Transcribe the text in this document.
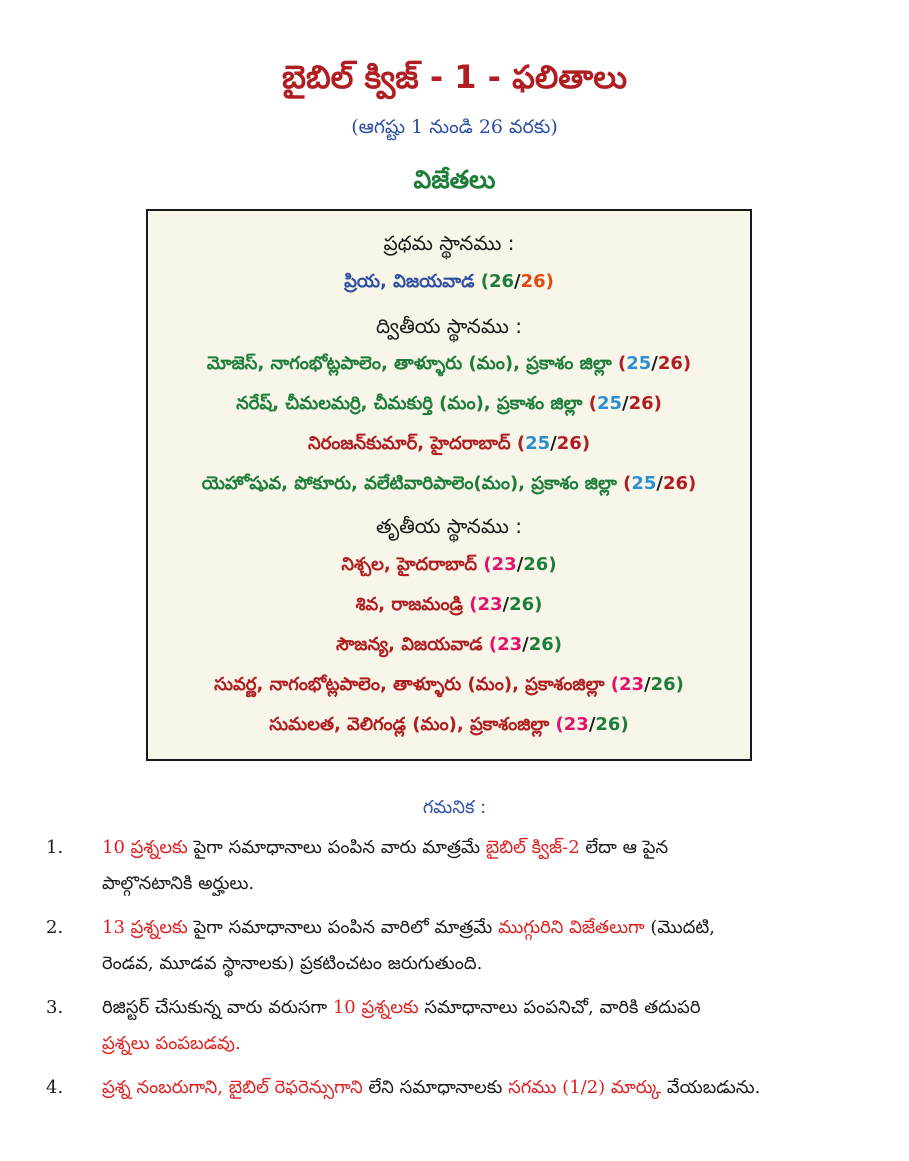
బైబిల్ క్విజ్ - 1 - ఫలితాలు
(ఆగష్టు 1 నుండి 26 వరకు)
విజేతలు
ప్రథమ స్థానము :
ప్రియ, విజయవాడ (26/26)
ద్వితీయ స్థానము :
మోజెస్, నాగంభోట్లపాలెం, తాళ్ళూరు (మం), ప్రకాశం జిల్లా (25/26)
నరేష్, చీమలమర్రి, చీమకుర్తి (మం), ప్రకాశం జిల్లా (25/26)
నిరంజన్‌కుమార్, హైదరాబాద్ (25/26)
యెహోషువ, పోకూరు, వలేటివారిపాలెం(మం), ప్రకాశం జిల్లా (25/26)
తృతీయ స్థానము :
నిశ్చల, హైదరాబాద్ (23/26)
శివ, రాజమండ్రి (23/26)
సౌజన్య, విజయవాడ (23/26)
సువర్ణ, నాగంభోట్లపాలెం, తాళ్ళూరు (మం), ప్రకాశంజిల్లా (23/26)
సుమలత, వెలిగండ్ల (మం), ప్రకాశంజిల్లా (23/26)
గమనిక :
1.	10 ప్రశ్నలకు పైగా సమాధానాలు పంపిన వారు మాత్రమే బైబిల్ క్విజ్-2 లేదా ఆ పైన
పాల్గొనటానికి అర్హులు.
2.	13 ప్రశ్నలకు పైగా సమాధానాలు పంపిన వారిలో మాత్రమే ముగ్గురిని విజేతలుగా (మొదటి,
రెండవ, మూడవ స్థానాలకు) ప్రకటించటం జరుగుతుంది.
3.	రిజిస్టర్ చేసుకున్న వారు వరుసగా 10 ప్రశ్నలకు సమాధానాలు పంపనిచో, వారికి తదుపరి
ప్రశ్నలు పంపబడవు.
4.	ప్రశ్న నంబరుగాని, బైబిల్ రెఫరెన్సుగాని లేని సమాధానాలకు సగము (1/2) మార్కు వేయబడును.
